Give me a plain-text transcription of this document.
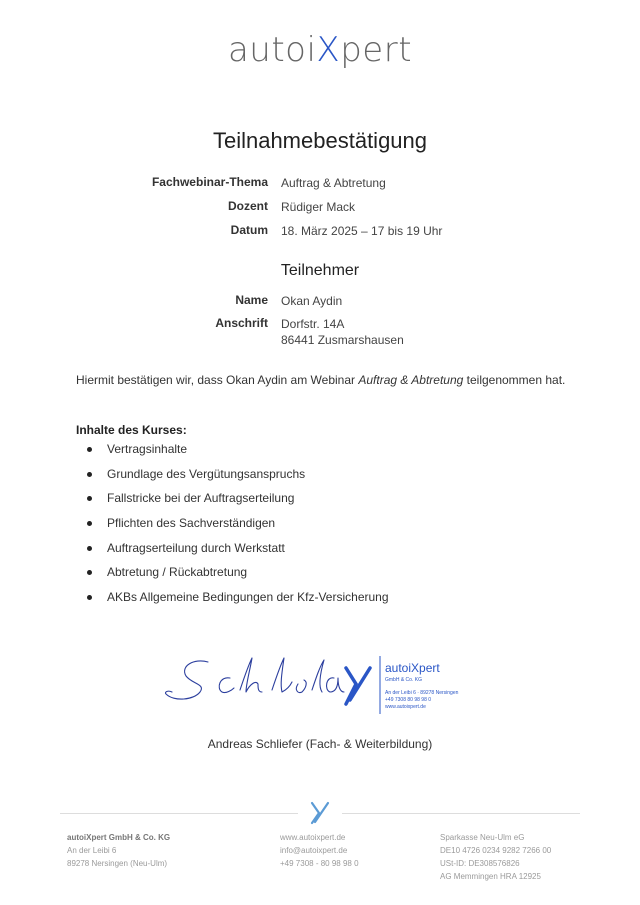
autoiXpert
Teilnahmebestätigung
Fachwebinar-Thema Auftrag & Abtretung
Dozent Rüdiger Mack
Datum 18. März 2025 – 17 bis 19 Uhr
Teilnehmer
Name Okan Aydin
Anschrift Dorfstr. 14A
86441 Zusmarshausen
Hiermit bestätigen wir, dass Okan Aydin am Webinar Auftrag & Abtretung teilgenommen hat.
Inhalte des Kurses:
Vertragsinhalte
Grundlage des Vergütungsanspruchs
Fallstricke bei der Auftragserteilung
Pflichten des Sachverständigen
Auftragserteilung durch Werkstatt
Abtretung / Rückabtretung
AKBs Allgemeine Bedingungen der Kfz-Versicherung
autoiXpert
GmbH & Co. KG
An der Leibi 6 · 89278 Nersingen
+49 7308 80 98 98 0
www.autoixpert.de
Andreas Schliefer (Fach- & Weiterbildung)
autoiXpert GmbH & Co. KG
An der Leibi 6
89278 Nersingen (Neu-Ulm)
www.autoixpert.de
info@autoixpert.de
+49 7308 - 80 98 98 0
Sparkasse Neu-Ulm eG
DE10 4726 0234 9282 7266 00
USt-ID: DE308576826
AG Memmingen HRA 12925
